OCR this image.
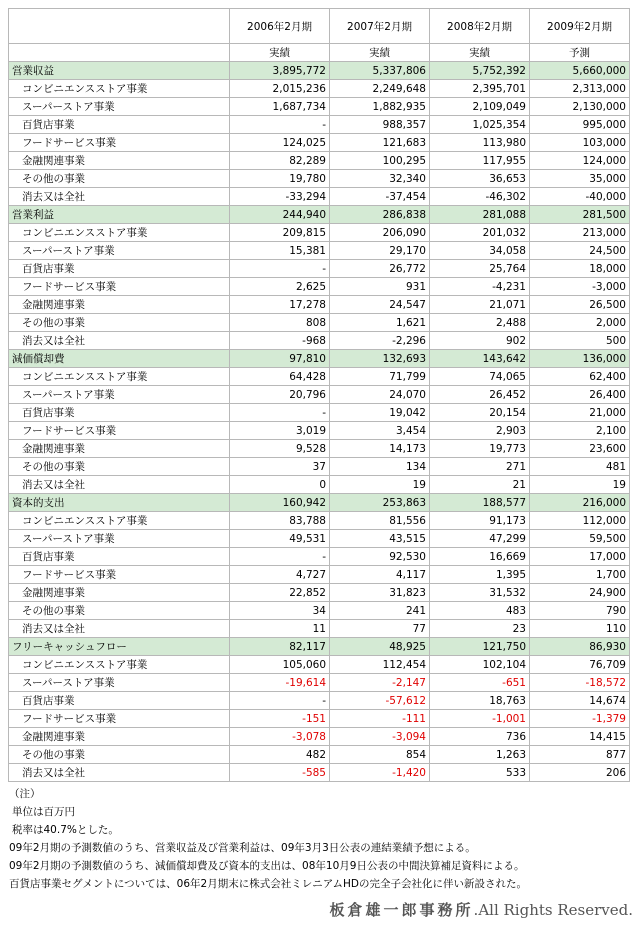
	2006年2月期	2007年2月期	2008年2月期	2009年2月期
	実績	実績	実績	予測
営業収益	3,895,772	5,337,806	5,752,392	5,660,000
コンビニエンスストア事業	2,015,236	2,249,648	2,395,701	2,313,000
スーパーストア事業	1,687,734	1,882,935	2,109,049	2,130,000
百貨店事業	-	988,357	1,025,354	995,000
フードサービス事業	124,025	121,683	113,980	103,000
金融関連事業	82,289	100,295	117,955	124,000
その他の事業	19,780	32,340	36,653	35,000
消去又は全社	-33,294	-37,454	-46,302	-40,000
営業利益	244,940	286,838	281,088	281,500
コンビニエンスストア事業	209,815	206,090	201,032	213,000
スーパーストア事業	15,381	29,170	34,058	24,500
百貨店事業	-	26,772	25,764	18,000
フードサービス事業	2,625	931	-4,231	-3,000
金融関連事業	17,278	24,547	21,071	26,500
その他の事業	808	1,621	2,488	2,000
消去又は全社	-968	-2,296	902	500
減価償却費	97,810	132,693	143,642	136,000
コンビニエンスストア事業	64,428	71,799	74,065	62,400
スーパーストア事業	20,796	24,070	26,452	26,400
百貨店事業	-	19,042	20,154	21,000
フードサービス事業	3,019	3,454	2,903	2,100
金融関連事業	9,528	14,173	19,773	23,600
その他の事業	37	134	271	481
消去又は全社	0	19	21	19
資本的支出	160,942	253,863	188,577	216,000
コンビニエンスストア事業	83,788	81,556	91,173	112,000
スーパーストア事業	49,531	43,515	47,299	59,500
百貨店事業	-	92,530	16,669	17,000
フードサービス事業	4,727	4,117	1,395	1,700
金融関連事業	22,852	31,823	31,532	24,900
その他の事業	34	241	483	790
消去又は全社	11	77	23	110
フリーキャッシュフロー	82,117	48,925	121,750	86,930
コンビニエンスストア事業	105,060	112,454	102,104	76,709
スーパーストア事業	-19,614	-2,147	-651	-18,572
百貨店事業	-	-57,612	18,763	14,674
フードサービス事業	-151	-111	-1,001	-1,379
金融関連事業	-3,078	-3,094	736	14,415
その他の事業	482	854	1,263	877
消去又は全社	-585	-1,420	533	206
（注）
単位は百万円
税率は40.7%とした。
09年2月期の予測数値のうち、営業収益及び営業利益は、09年3月3日公表の連結業績予想による。
09年2月期の予測数値のうち、減価償却費及び資本的支出は、08年10月9日公表の中間決算補足資料による。
百貨店事業セグメントについては、06年2月期末に株式会社ミレニアムHDの完全子会社化に伴い新設された。
板倉雄一郎事務所.All Rights Reserved.
